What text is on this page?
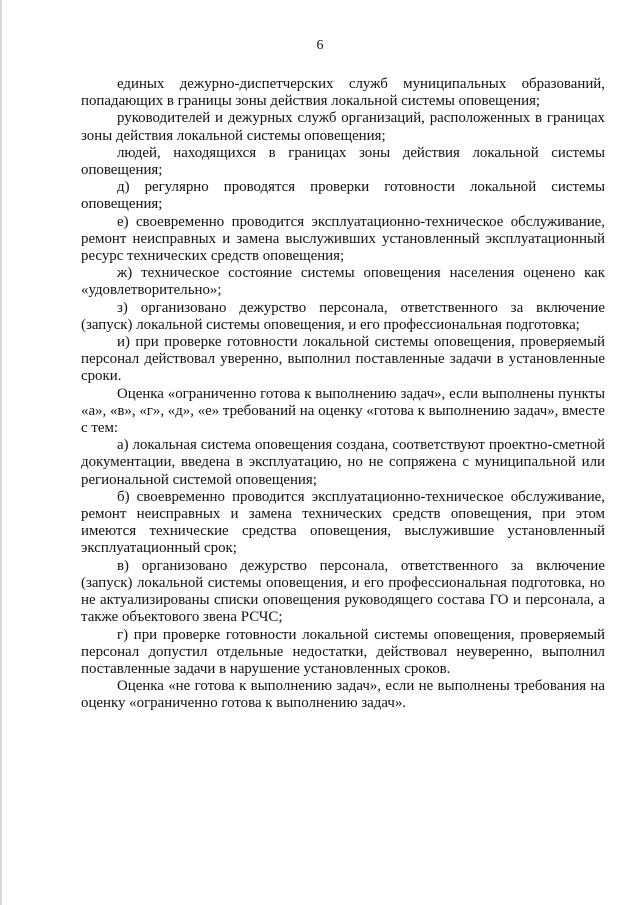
6

единых дежурно-диспетчерских служб муниципальных образований, попадающих в границы зоны действия локальной системы оповещения;

руководителей и дежурных служб организаций, расположенных в границах зоны действия локальной системы оповещения;

людей, находящихся в границах зоны действия локальной системы оповещения;

д) регулярно проводятся проверки готовности локальной системы оповещения;

е) своевременно проводится эксплуатационно-техническое обслуживание, ремонт неисправных и замена выслуживших установленный эксплуатационный ресурс технических средств оповещения;

ж) техническое состояние системы оповещения населения оценено как «удовлетворительно»;

з) организовано дежурство персонала, ответственного за включение (запуск) локальной системы оповещения, и его профессиональная подготовка;

и) при проверке готовности локальной системы оповещения, проверяемый персонал действовал уверенно, выполнил поставленные задачи в установленные сроки.

Оценка «ограниченно готова к выполнению задач», если выполнены пункты «а», «в», «г», «д», «е» требований на оценку «готова к выполнению задач», вместе с тем:

а) локальная система оповещения создана, соответствуют проектно-сметной документации, введена в эксплуатацию, но не сопряжена с муниципальной или региональной системой оповещения;

б) своевременно проводится эксплуатационно-техническое обслуживание, ремонт неисправных и замена технических средств оповещения, при этом имеются технические средства оповещения, выслужившие установленный эксплуатационный срок;

в) организовано дежурство персонала, ответственного за включение (запуск) локальной системы оповещения, и его профессиональная подготовка, но не актуализированы списки оповещения руководящего состава ГО и персонала, а также объектового звена РСЧС;

г) при проверке готовности локальной системы оповещения, проверяемый персонал допустил отдельные недостатки, действовал неуверенно, выполнил поставленные задачи в нарушение установленных сроков.

Оценка «не готова к выполнению задач», если не выполнены требования на оценку «ограниченно готова к выполнению задач».
